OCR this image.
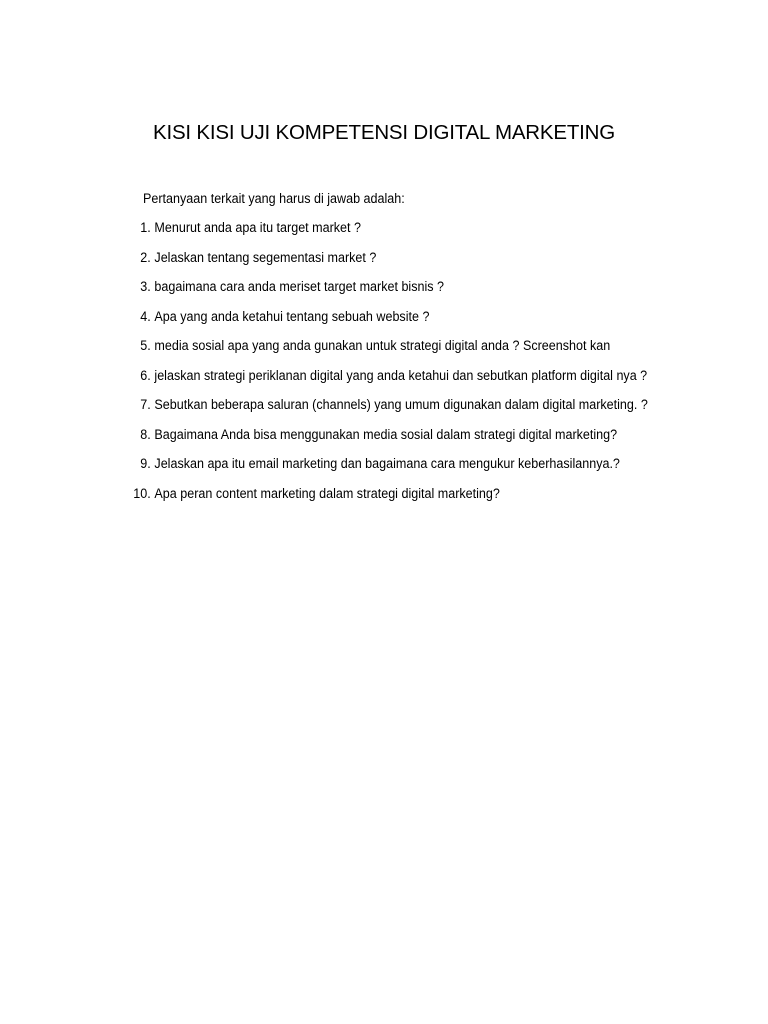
KISI KISI UJI KOMPETENSI DIGITAL MARKETING

Pertanyaan terkait yang harus di jawab adalah:

1. Menurut anda apa itu target market ?
2. Jelaskan tentang segementasi market ?
3. bagaimana cara anda meriset target market bisnis ?
4. Apa yang anda ketahui tentang sebuah website ?
5. media sosial apa yang anda gunakan untuk strategi digital anda ? Screenshot kan
6. jelaskan strategi periklanan digital yang anda ketahui dan sebutkan platform digital nya ?
7. Sebutkan beberapa saluran (channels) yang umum digunakan dalam digital marketing. ?
8. Bagaimana Anda bisa menggunakan media sosial dalam strategi digital marketing?
9. Jelaskan apa itu email marketing dan bagaimana cara mengukur keberhasilannya.?
10. Apa peran content marketing dalam strategi digital marketing?
